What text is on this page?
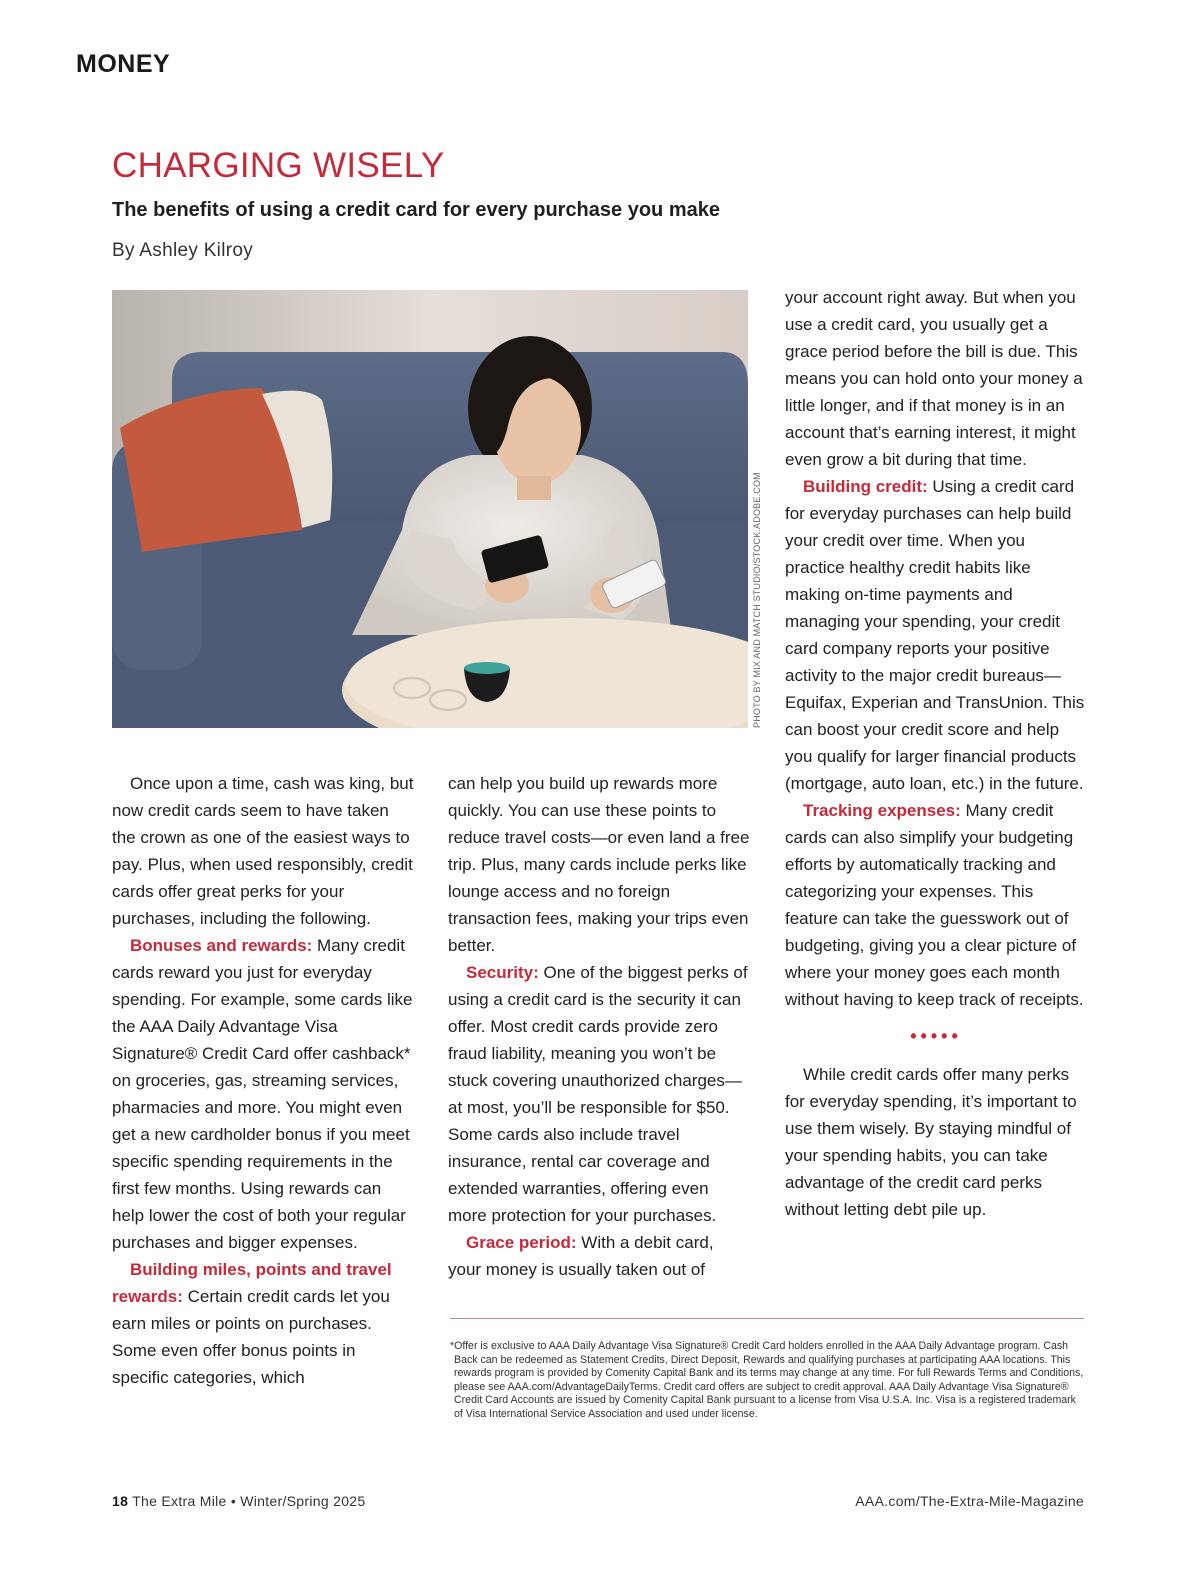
MONEY
CHARGING WISELY
The benefits of using a credit card for every purchase you make
By Ashley Kilroy
PHOTO BY MIX AND MATCH STUDIO/STOCK.ADOBE.COM

Once upon a time, cash was king, but now credit cards seem to have taken the crown as one of the easiest ways to pay. Plus, when used responsibly, credit cards offer great perks for your purchases, including the following.

Bonuses and rewards: Many credit cards reward you just for everyday spending. For example, some cards like the AAA Daily Advantage Visa Signature® Credit Card offer cashback* on groceries, gas, streaming services, pharmacies and more. You might even get a new cardholder bonus if you meet specific spending requirements in the first few months. Using rewards can help lower the cost of both your regular purchases and bigger expenses.

Building miles, points and travel rewards: Certain credit cards let you earn miles or points on purchases. Some even offer bonus points in specific categories, which

can help you build up rewards more quickly. You can use these points to reduce travel costs—or even land a free trip. Plus, many cards include perks like lounge access and no foreign transaction fees, making your trips even better.

Security: One of the biggest perks of using a credit card is the security it can offer. Most credit cards provide zero fraud liability, meaning you won’t be stuck covering unauthorized charges—at most, you’ll be responsible for $50. Some cards also include travel insurance, rental car coverage and extended warranties, offering even more protection for your purchases.

Grace period: With a debit card, your money is usually taken out of

your account right away. But when you use a credit card, you usually get a grace period before the bill is due. This means you can hold onto your money a little longer, and if that money is in an account that’s earning interest, it might even grow a bit during that time.

Building credit: Using a credit card for everyday purchases can help build your credit over time. When you practice healthy credit habits like making on-time payments and managing your spending, your credit card company reports your positive activity to the major credit bureaus—Equifax, Experian and TransUnion. This can boost your credit score and help you qualify for larger financial products (mortgage, auto loan, etc.) in the future.

Tracking expenses: Many credit cards can also simplify your budgeting efforts by automatically tracking and categorizing your expenses. This feature can take the guesswork out of budgeting, giving you a clear picture of where your money goes each month without having to keep track of receipts.

•••••

While credit cards offer many perks for everyday spending, it’s important to use them wisely. By staying mindful of your spending habits, you can take advantage of the credit card perks without letting debt pile up.

*Offer is exclusive to AAA Daily Advantage Visa Signature® Credit Card holders enrolled in the AAA Daily Advantage program. Cash Back can be redeemed as Statement Credits, Direct Deposit, Rewards and qualifying purchases at participating AAA locations. This rewards program is provided by Comenity Capital Bank and its terms may change at any time. For full Rewards Terms and Conditions, please see AAA.com/AdvantageDailyTerms. Credit card offers are subject to credit approval. AAA Daily Advantage Visa Signature® Credit Card Accounts are issued by Comenity Capital Bank pursuant to a license from Visa U.S.A. Inc. Visa is a registered trademark of Visa International Service Association and used under license.

18 The Extra Mile • Winter/Spring 2025	AAA.com/The-Extra-Mile-Magazine
